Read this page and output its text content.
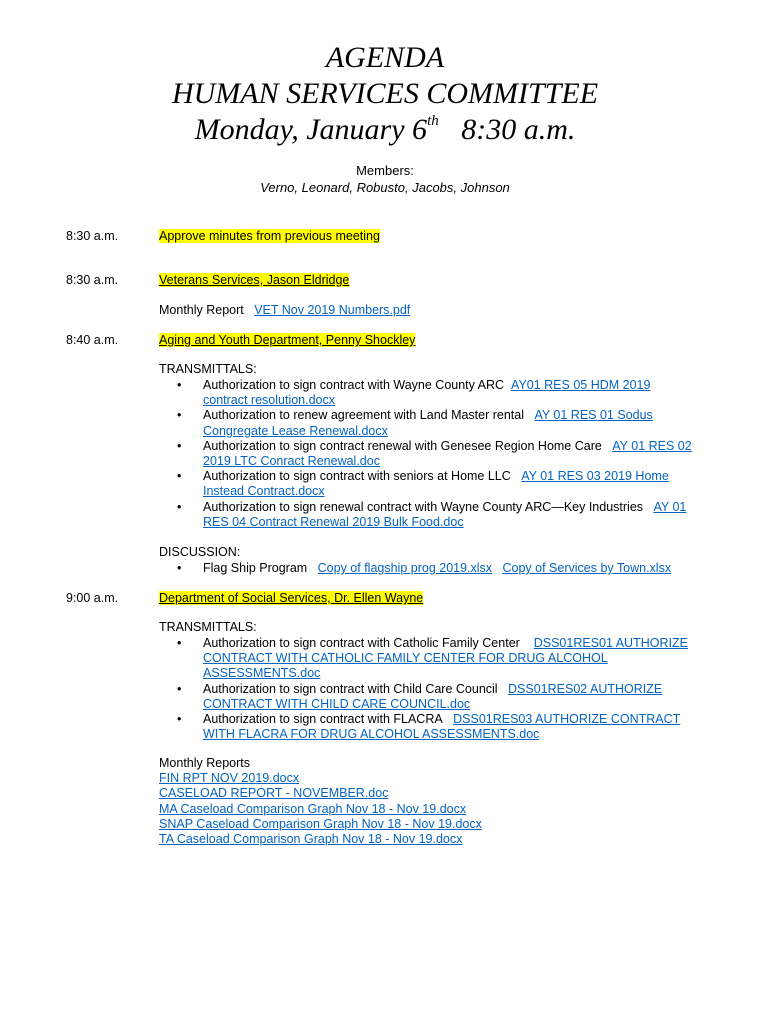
AGENDA
HUMAN SERVICES COMMITTEE
Monday, January 6th 8:30 a.m.
Members:
Verno, Leonard, Robusto, Jacobs, Johnson
8:30 a.m.	Approve minutes from previous meeting
8:30 a.m.	Veterans Services, Jason Eldridge
Monthly Report VET Nov 2019 Numbers.pdf
8:40 a.m.	Aging and Youth Department, Penny Shockley
TRANSMITTALS:
• Authorization to sign contract with Wayne County ARC AY01 RES 05 HDM 2019
contract resolution.docx
• Authorization to renew agreement with Land Master rental AY 01 RES 01 Sodus
Congregate Lease Renewal.docx
• Authorization to sign contract renewal with Genesee Region Home Care AY 01 RES 02
2019 LTC Conract Renewal.doc
• Authorization to sign contract with seniors at Home LLC AY 01 RES 03 2019 Home
Instead Contract.docx
• Authorization to sign renewal contract with Wayne County ARC—Key Industries AY 01
RES 04 Contract Renewal 2019 Bulk Food.doc
DISCUSSION:
• Flag Ship Program Copy of flagship prog 2019.xlsx Copy of Services by Town.xlsx
9:00 a.m.	Department of Social Services, Dr. Ellen Wayne
TRANSMITTALS:
• Authorization to sign contract with Catholic Family Center DSS01RES01 AUTHORIZE
CONTRACT WITH CATHOLIC FAMILY CENTER FOR DRUG ALCOHOL
ASSESSMENTS.doc
• Authorization to sign contract with Child Care Council DSS01RES02 AUTHORIZE
CONTRACT WITH CHILD CARE COUNCIL.doc
• Authorization to sign contract with FLACRA DSS01RES03 AUTHORIZE CONTRACT
WITH FLACRA FOR DRUG ALCOHOL ASSESSMENTS.doc
Monthly Reports
FIN RPT NOV 2019.docx
CASELOAD REPORT - NOVEMBER.doc
MA Caseload Comparison Graph Nov 18 - Nov 19.docx
SNAP Caseload Comparison Graph Nov 18 - Nov 19.docx
TA Caseload Comparison Graph Nov 18 - Nov 19.docx
